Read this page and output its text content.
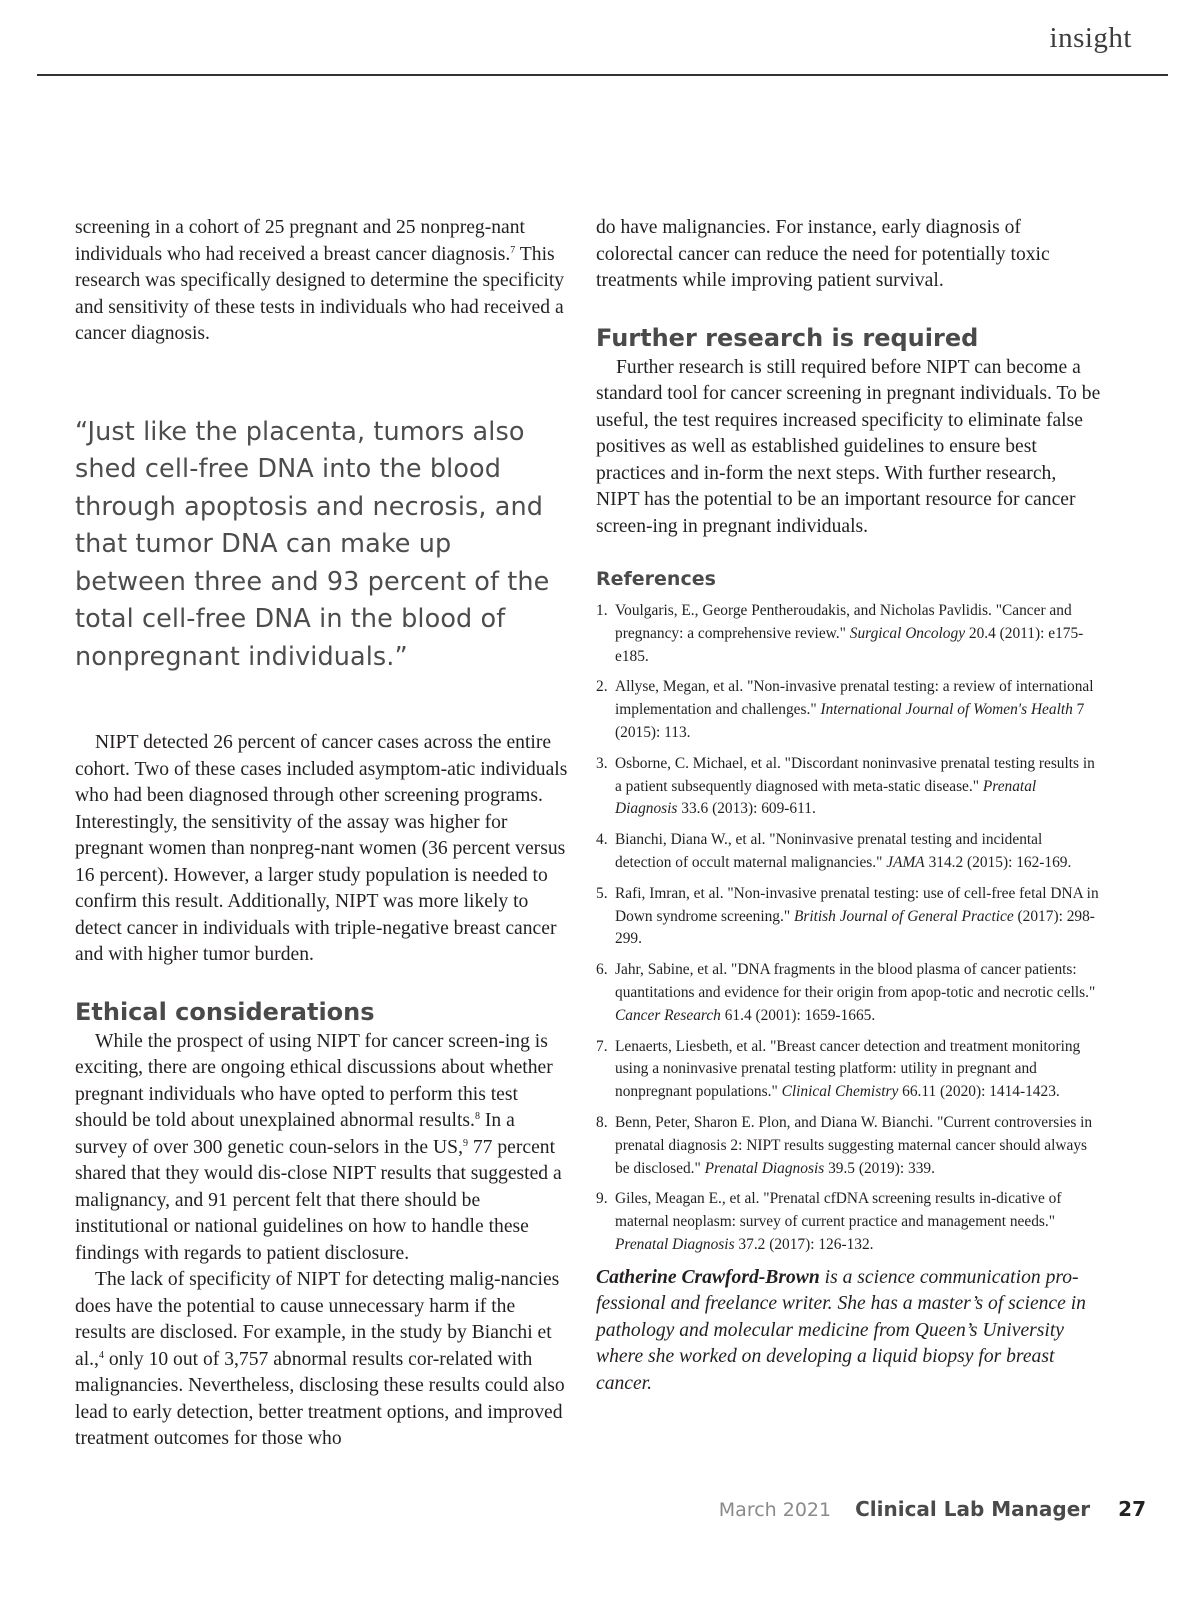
insight

screening in a cohort of 25 pregnant and 25 nonpreg-nant individuals who had received a breast cancer diagnosis.$^7$ This research was specifically designed to determine the specificity and sensitivity of these tests in individuals who had received a cancer diagnosis.

“Just like the placenta, tumors also shed cell-free DNA into the blood through apoptosis and necrosis, and that tumor DNA can make up between three and 93 percent of the total cell-free DNA in the blood of nonpregnant individuals.”

NIPT detected 26 percent of cancer cases across the entire cohort. Two of these cases included asymptom-atic individuals who had been diagnosed through other screening programs. Interestingly, the sensitivity of the assay was higher for pregnant women than nonpreg-nant women (36 percent versus 16 percent). However, a larger study population is needed to confirm this result. Additionally, NIPT was more likely to detect cancer in individuals with triple-negative breast cancer and with higher tumor burden.

Ethical considerations

While the prospect of using NIPT for cancer screen-ing is exciting, there are ongoing ethical discussions about whether pregnant individuals who have opted to perform this test should be told about unexplained abnormal results.$^8$ In a survey of over 300 genetic coun-selors in the US,$^9$ 77 percent shared that they would dis-close NIPT results that suggested a malignancy, and 91 percent felt that there should be institutional or national guidelines on how to handle these findings with regards to patient disclosure.

The lack of specificity of NIPT for detecting malig-nancies does have the potential to cause unnecessary harm if the results are disclosed. For example, in the study by Bianchi et al.,$^4$ only 10 out of 3,757 abnormal results cor-related with malignancies. Nevertheless, disclosing these results could also lead to early detection, better treatment options, and improved treatment outcomes for those who

do have malignancies. For instance, early diagnosis of colorectal cancer can reduce the need for potentially toxic treatments while improving patient survival.

Further research is required

Further research is still required before NIPT can become a standard tool for cancer screening in pregnant individuals. To be useful, the test requires increased specificity to eliminate false positives as well as established guidelines to ensure best practices and in-form the next steps. With further research, NIPT has the potential to be an important resource for cancer screen-ing in pregnant individuals.

References
1. Voulgaris, E., George Pentheroudakis, and Nicholas Pavlidis. "Cancer and pregnancy: a comprehensive review." Surgical Oncology 20.4 (2011): e175-e185.
2. Allyse, Megan, et al. "Non-invasive prenatal testing: a review of international implementation and challenges." International Journal of Women's Health 7 (2015): 113.
3. Osborne, C. Michael, et al. "Discordant noninvasive prenatal testing results in a patient subsequently diagnosed with meta-static disease." Prenatal Diagnosis 33.6 (2013): 609-611.
4. Bianchi, Diana W., et al. "Noninvasive prenatal testing and incidental detection of occult maternal malignancies." JAMA 314.2 (2015): 162-169.
5. Rafi, Imran, et al. "Non-invasive prenatal testing: use of cell-free fetal DNA in Down syndrome screening." British Journal of General Practice (2017): 298-299.
6. Jahr, Sabine, et al. "DNA fragments in the blood plasma of cancer patients: quantitations and evidence for their origin from apop-totic and necrotic cells." Cancer Research 61.4 (2001): 1659-1665.
7. Lenaerts, Liesbeth, et al. "Breast cancer detection and treatment monitoring using a noninvasive prenatal testing platform: utility in pregnant and nonpregnant populations." Clinical Chemistry 66.11 (2020): 1414-1423.
8. Benn, Peter, Sharon E. Plon, and Diana W. Bianchi. "Current controversies in prenatal diagnosis 2: NIPT results suggesting maternal cancer should always be disclosed." Prenatal Diagnosis 39.5 (2019): 339.
9. Giles, Meagan E., et al. "Prenatal cfDNA screening results in-dicative of maternal neoplasm: survey of current practice and management needs." Prenatal Diagnosis 37.2 (2017): 126-132.

Catherine Crawford-Brown is a science communication pro-fessional and freelance writer. She has a master’s of science in pathology and molecular medicine from Queen’s University where she worked on developing a liquid biopsy for breast cancer.

March 2021 Clinical Lab Manager 27
